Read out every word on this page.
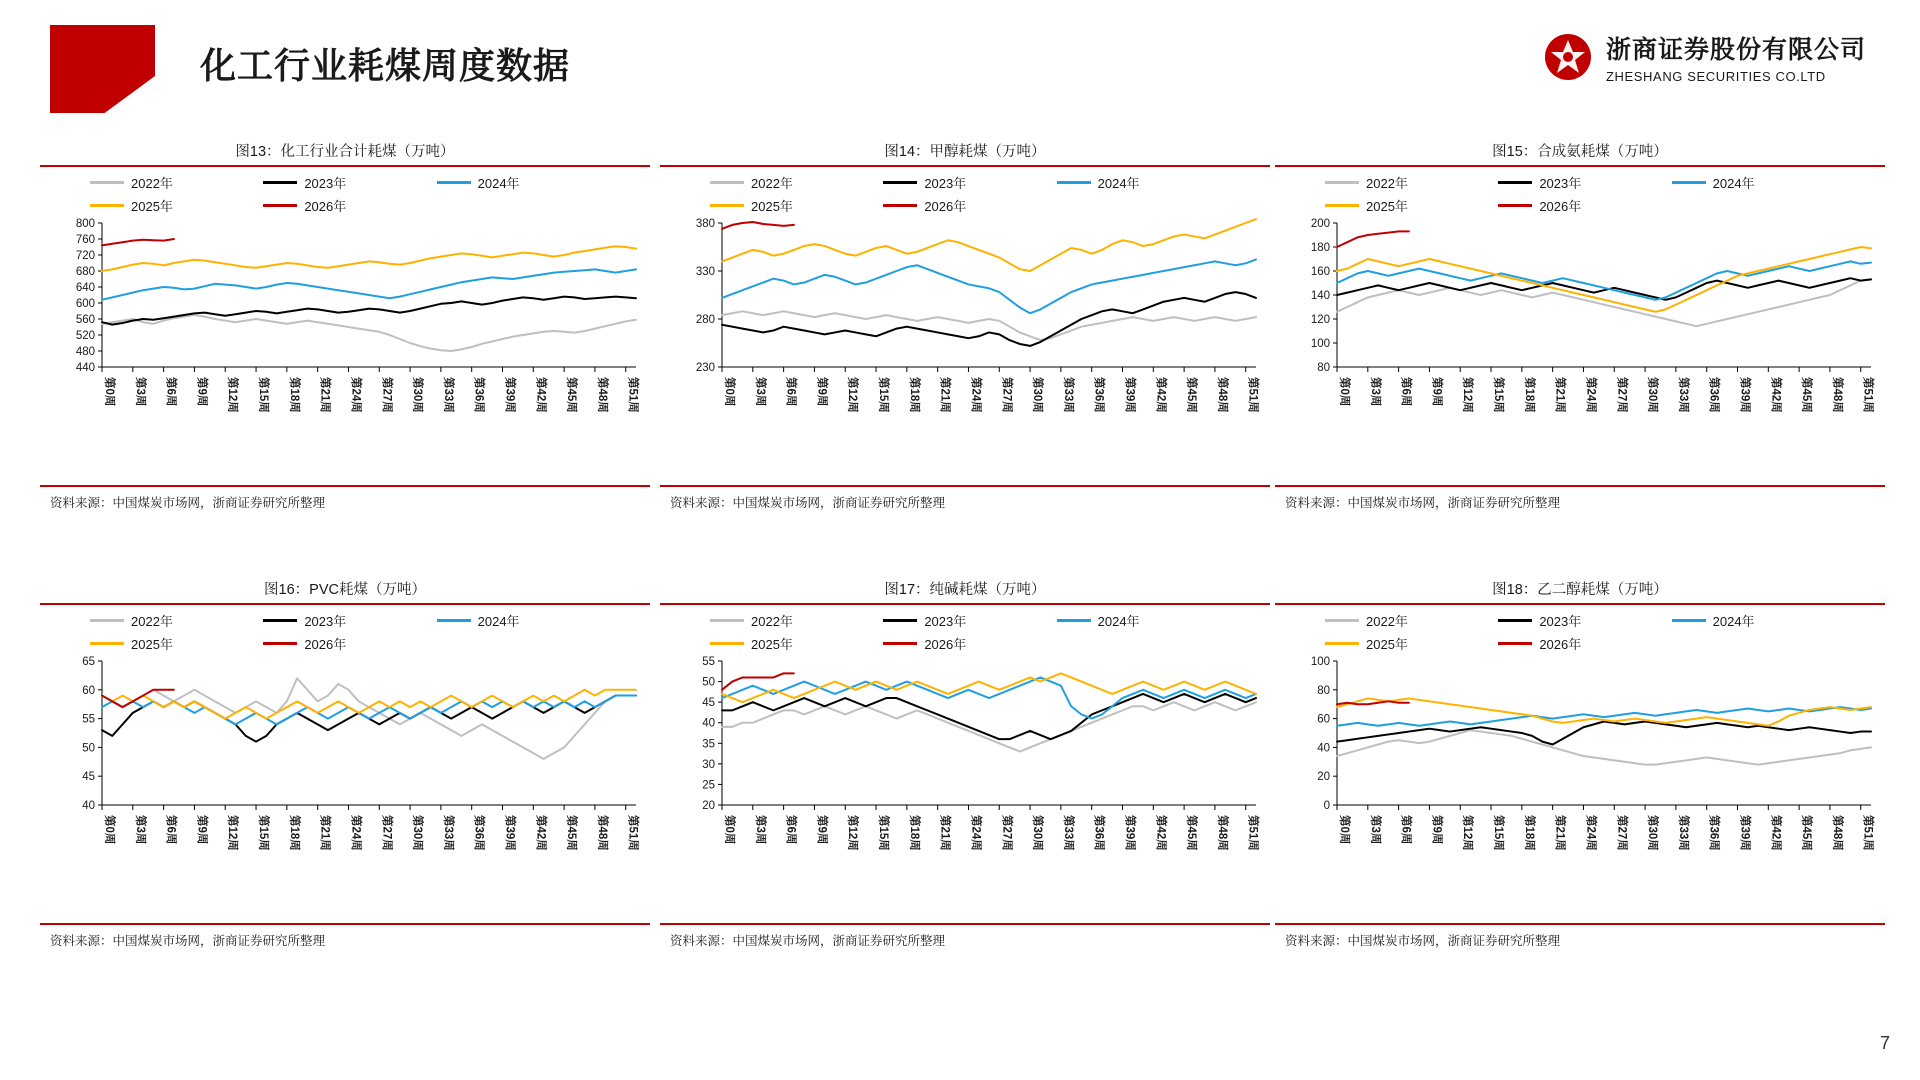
化工行业耗煤周度数据	浙商证券股份有限公司
ZHESHANG SECURITIES CO.LTD
7
图13：化工行业合计耗煤（万吨）
2022年	2023年	2024年
2025年	2026年
440
480
520
560
600
640
680
720
760
800
第0周 第3周 第6周 第9周 第12周 第15周 第18周 第21周 第24周 第27周 第30周 第33周 第36周 第39周 第42周 第45周 第48周 第51周
资料来源：中国煤炭市场网，浙商证券研究所整理
图14：甲醇耗煤（万吨）
2022年	2023年	2024年
2025年	2026年
230
280
330
380
第0周 第3周 第6周 第9周 第12周 第15周 第18周 第21周 第24周 第27周 第30周 第33周 第36周 第39周 第42周 第45周 第48周 第51周
资料来源：中国煤炭市场网，浙商证券研究所整理
图15：合成氨耗煤（万吨）
2022年	2023年	2024年
2025年	2026年
80
100
120
140
160
180
200
第0周 第3周 第6周 第9周 第12周 第15周 第18周 第21周 第24周 第27周 第30周 第33周 第36周 第39周 第42周 第45周 第48周 第51周
资料来源：中国煤炭市场网，浙商证券研究所整理
图16：PVC耗煤（万吨）
2022年	2023年	2024年
2025年	2026年
40
45
50
55
60
65
第0周 第3周 第6周 第9周 第12周 第15周 第18周 第21周 第24周 第27周 第30周 第33周 第36周 第39周 第42周 第45周 第48周 第51周
资料来源：中国煤炭市场网，浙商证券研究所整理
图17：纯碱耗煤（万吨）
2022年	2023年	2024年
2025年	2026年
20
25
30
35
40
45
50
55
第0周 第3周 第6周 第9周 第12周 第15周 第18周 第21周 第24周 第27周 第30周 第33周 第36周 第39周 第42周 第45周 第48周 第51周
资料来源：中国煤炭市场网，浙商证券研究所整理
图18：乙二醇耗煤（万吨）
2022年	2023年	2024年
2025年	2026年
0
20
40
60
80
100
第0周 第3周 第6周 第9周 第12周 第15周 第18周 第21周 第24周 第27周 第30周 第33周 第36周 第39周 第42周 第45周 第48周 第51周
资料来源：中国煤炭市场网，浙商证券研究所整理
